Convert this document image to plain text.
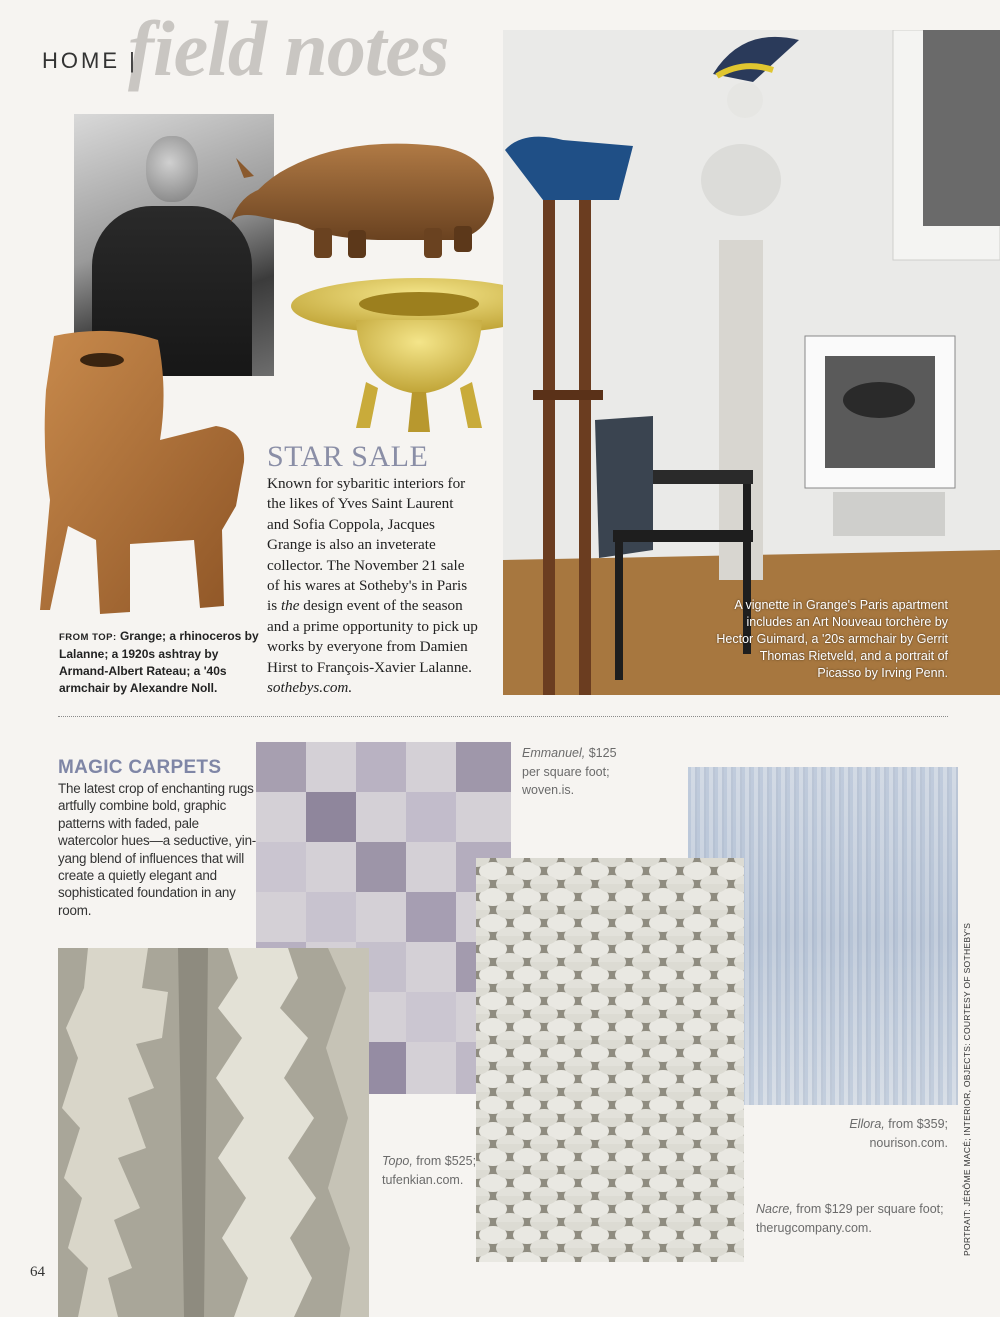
field notes
HOME |
STAR SALE
Known for sybaritic interiors for the likes of Yves Saint Laurent and Sofia Coppola, Jacques Grange is also an inveterate collector. The November 21 sale of his wares at Sotheby's in Paris is the design event of the season and a prime opportunity to pick up works by everyone from Damien Hirst to François-Xavier Lalanne. sothebys.com.
FROM TOP: Grange; a rhinoceros by Lalanne; a 1920s ashtray by Armand-Albert Rateau; a '40s armchair by Alexandre Noll.
A vignette in Grange's Paris apartment includes an Art Nouveau torchère by Hector Guimard, a '20s armchair by Gerrit Thomas Rietveld, and a portrait of Picasso by Irving Penn.
MAGIC CARPETS
The latest crop of enchanting rugs artfully combine bold, graphic patterns with faded, pale watercolor hues—a seductive, yin-yang blend of influences that will create a quietly elegant and sophisticated foundation in any room.
Emmanuel, $125 per square foot;
woven.is.
Ellora, from $359;
nourison.com.
Topo, from $525;
tufenkian.com.
Nacre, from $129 per square foot;
therugcompany.com.	PORTRAIT: JÉRÔME MACÉ; INTERIOR, OBJECTS: COURTESY OF SOTHEBY'S
64
